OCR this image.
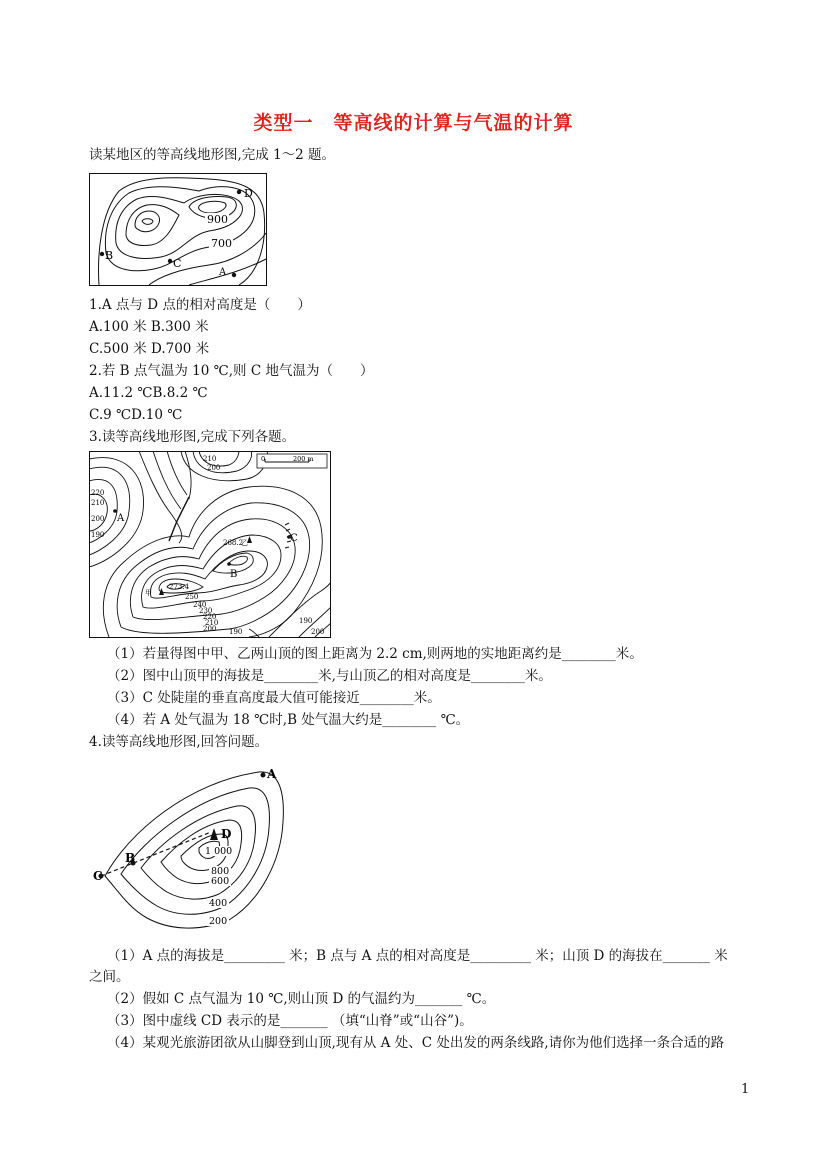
类型一　等高线的计算与气温的计算
读某地区的等高线地形图,完成 1～2 题。
D
B
C
A
900
700
1.A 点与 D 点的相对高度是（　　）
A.100 米 B.300 米
C.500 米 D.700 米
2.若 B 点气温为 10 ℃,则 C 地气温为（　　）
A.11.2 ℃B.8.2 ℃
C.9 ℃D.10 ℃
3.读等高线地形图,完成下列各题。
0	200 m
210
200
220
210
200
190
268.2
乙
273.4
甲	250
240
230
220
210
200 190
190
200
A
B
C
（1）若量得图中甲、乙两山顶的图上距离为 2.2 cm,则两地的实地距离约是________米。
（2）图中山顶甲的海拔是________米,与山顶乙的相对高度是________米。
（3）C 处陡崖的垂直高度最大值可能接近________米。
（4）若 A 处气温为 18 ℃时,B 处气温大约是________ ℃。
4.读等高线地形图,回答问题。
A
B
C
D
1 000
800
600
400
200
（1）A 点的海拔是_________ 米；B 点与 A 点的相对高度是_________ 米；山顶 D 的海拔在_______ 米
之间。
（2）假如 C 点气温为 10 ℃,则山顶 D 的气温约为_______ ℃。
（3）图中虚线 CD 表示的是_______ （填“山脊”或“山谷”)。
（4）某观光旅游团欲从山脚登到山顶,现有从 A 处、C 处出发的两条线路,请你为他们选择一条合适的路
1
